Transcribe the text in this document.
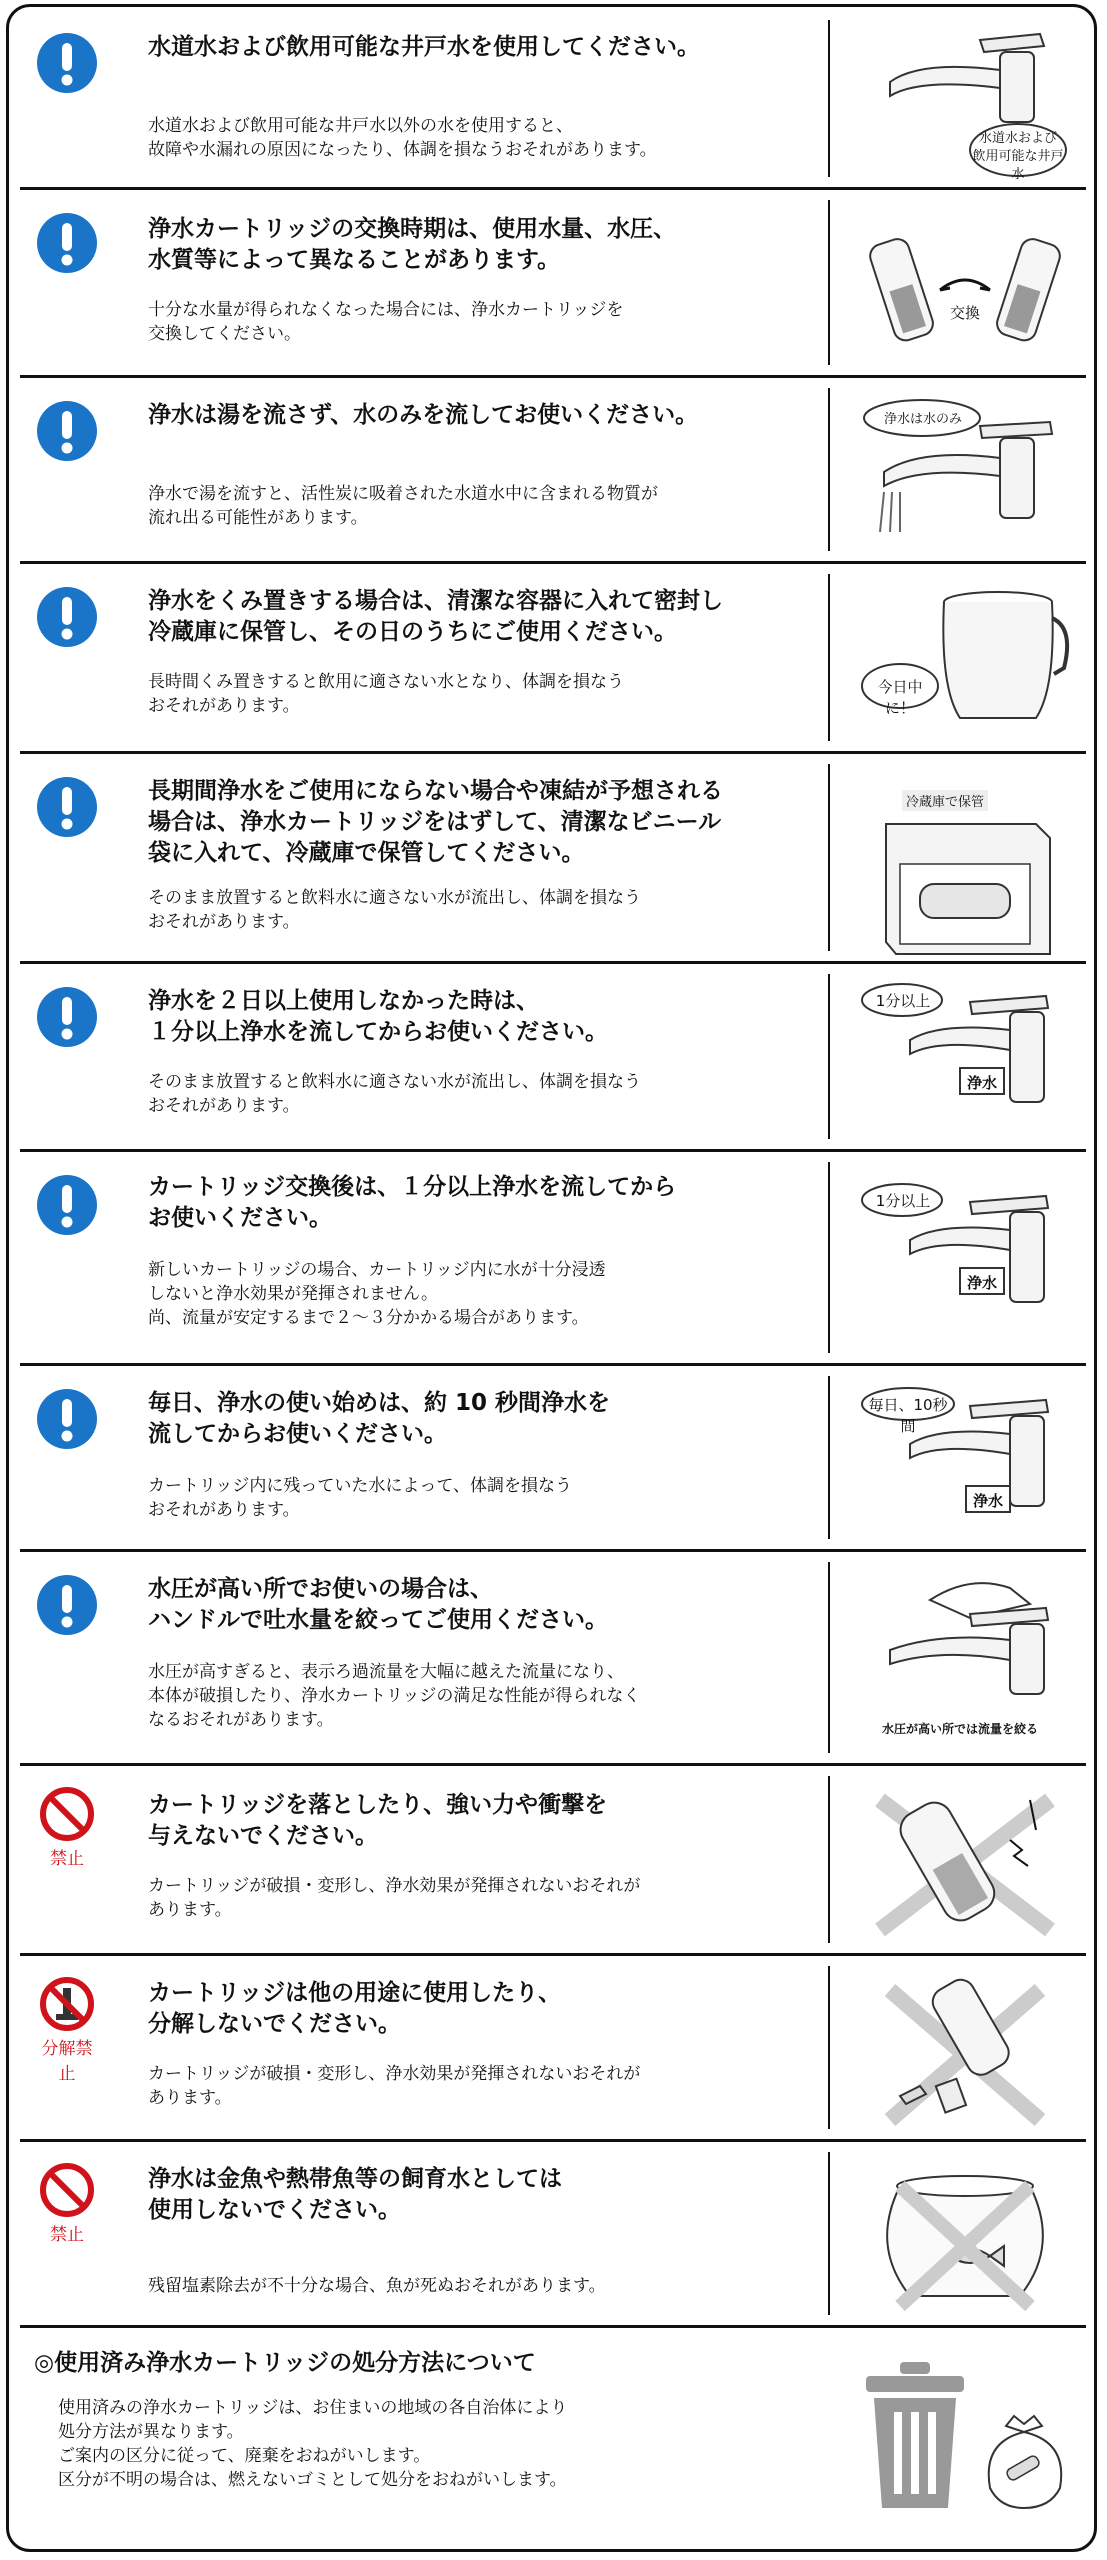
水道水および飲用可能な井戸水を使用してください。
水道水および飲用可能な井戸水以外の水を使用すると、
故障や水漏れの原因になったり、体調を損なうおそれがあります。
水道水および
飲用可能な井戸水
浄水カートリッジの交換時期は、使用水量、水圧、
水質等によって異なることがあります。
十分な水量が得られなくなった場合には、浄水カートリッジを
交換してください。
交換
浄水は湯を流さず、水のみを流してお使いください。
浄水で湯を流すと、活性炭に吸着された水道水中に含まれる物質が
流れ出る可能性があります。
浄水は水のみ
浄水をくみ置きする場合は、清潔な容器に入れて密封し
冷蔵庫に保管し、その日のうちにご使用ください。
長時間くみ置きすると飲用に適さない水となり、体調を損なう
おそれがあります。
今日中に！
長期間浄水をご使用にならない場合や凍結が予想される
場合は、浄水カートリッジをはずして、清潔なビニール
袋に入れて、冷蔵庫で保管してください。
そのまま放置すると飲料水に適さない水が流出し、体調を損なう
おそれがあります。
冷蔵庫で保管
浄水を２日以上使用しなかった時は、
１分以上浄水を流してからお使いください。
そのまま放置すると飲料水に適さない水が流出し、体調を損なう
おそれがあります。
1分以上
浄水
カートリッジ交換後は、１分以上浄水を流してから
お使いください。
新しいカートリッジの場合、カートリッジ内に水が十分浸透
しないと浄水効果が発揮されません。
尚、流量が安定するまで２～３分かかる場合があります。
1分以上
浄水
毎日、浄水の使い始めは、約 10 秒間浄水を
流してからお使いください。
カートリッジ内に残っていた水によって、体調を損なう
おそれがあります。
毎日、10秒間
浄水
水圧が高い所でお使いの場合は、
ハンドルで吐水量を絞ってご使用ください。
水圧が高すぎると、表示ろ過流量を大幅に越えた流量になり、
本体が破損したり、浄水カートリッジの満足な性能が得られなく
なるおそれがあります。	水圧が高い所では流量を絞る
禁止
カートリッジを落としたり、強い力や衝撃を
与えないでください。
カートリッジが破損・変形し、浄水効果が発揮されないおそれが
あります。
分解禁止
カートリッジは他の用途に使用したり、
分解しないでください。
カートリッジが破損・変形し、浄水効果が発揮されないおそれが
あります。
禁止
浄水は金魚や熱帯魚等の飼育水としては
使用しないでください。
残留塩素除去が不十分な場合、魚が死ぬおそれがあります。
◎使用済み浄水カートリッジの処分方法について
使用済みの浄水カートリッジは、お住まいの地域の各自治体により
処分方法が異なります。
ご案内の区分に従って、廃棄をおねがいします。
区分が不明の場合は、燃えないゴミとして処分をおねがいします。
